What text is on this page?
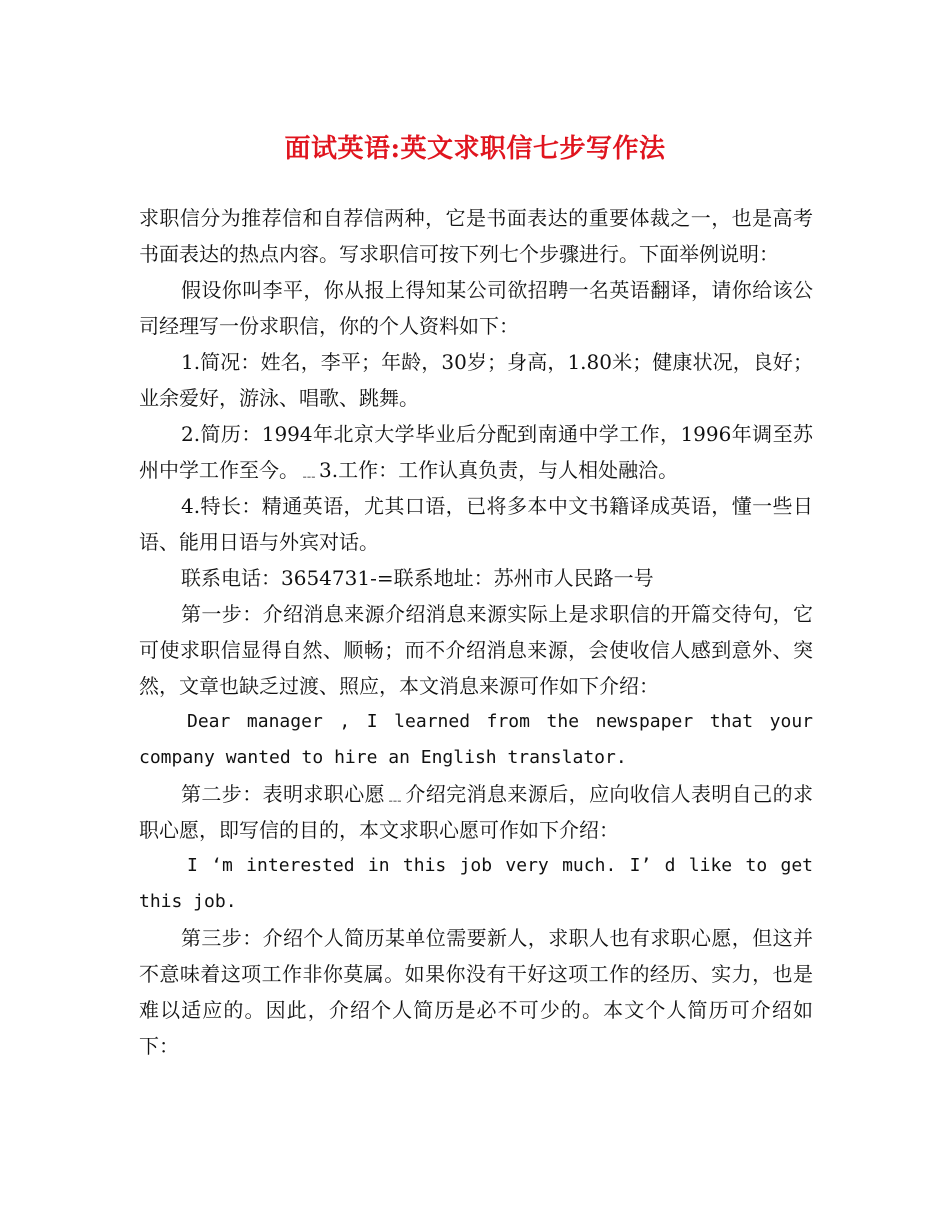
面试英语:英文求职信七步写作法

求职信分为推荐信和自荐信两种，它是书面表达的重要体裁之一，也是高考书面表达的热点内容。写求职信可按下列七个步骤进行。下面举例说明：

假设你叫李平，你从报上得知某公司欲招聘一名英语翻译，请你给该公司经理写一份求职信，你的个人资料如下：

1.简况：姓名，李平；年龄，30岁；身高，1.80米；健康状况，良好；业余爱好，游泳、唱歌、跳舞。

2.简历：1994年北京大学毕业后分配到南通中学工作，1996年调至苏州中学工作至今。﹍3.工作：工作认真负责，与人相处融洽。

4.特长：精通英语，尤其口语，已将多本中文书籍译成英语，懂一些日语、能用日语与外宾对话。

联系电话：3654731-=联系地址：苏州市人民路一号

第一步：介绍消息来源介绍消息来源实际上是求职信的开篇交待句，它可使求职信显得自然、顺畅；而不介绍消息来源，会使收信人感到意外、突然，文章也缺乏过渡、照应，本文消息来源可作如下介绍：

Dear manager , I learned from the newspaper that your company wanted to hire an English translator.

第二步：表明求职心愿﹍介绍完消息来源后，应向收信人表明自己的求职心愿，即写信的目的，本文求职心愿可作如下介绍：

I ‘m interested in this job very much. I’ d like to get this job.

第三步：介绍个人简历某单位需要新人，求职人也有求职心愿，但这并不意味着这项工作非你莫属。如果你没有干好这项工作的经历、实力，也是难以适应的。因此，介绍个人简历是必不可少的。本文个人简历可介绍如下：
